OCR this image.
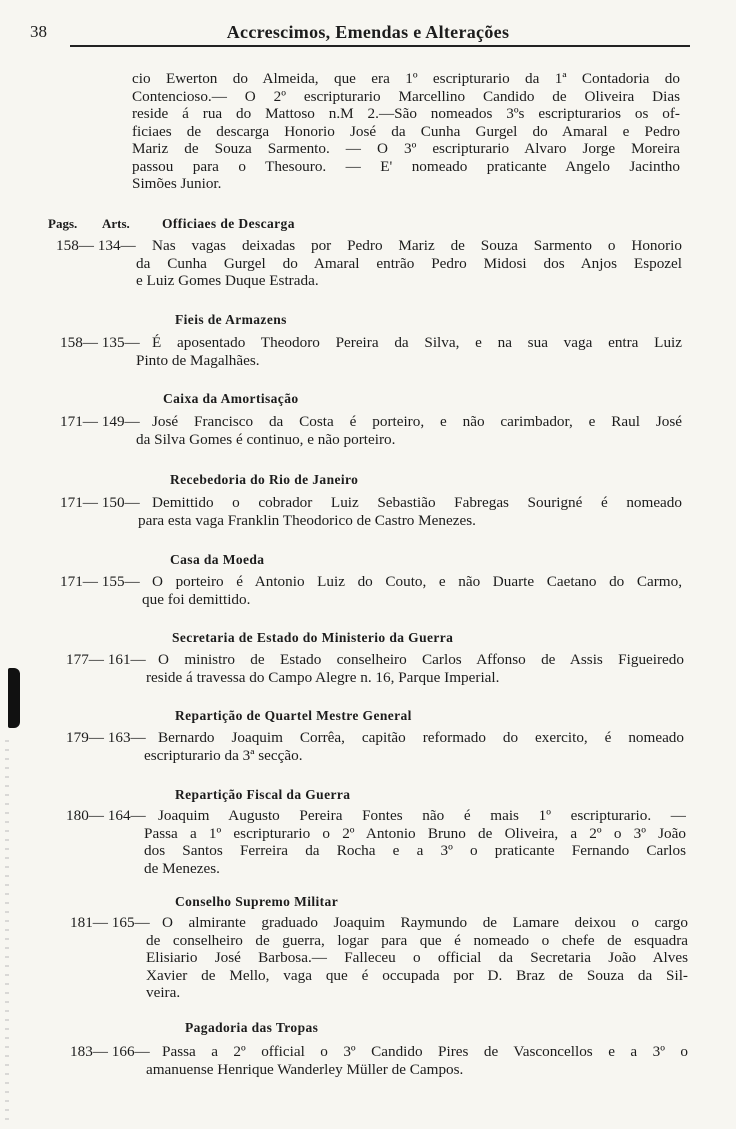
38	Accrescimos, Emendas e Alterações
cio Ewerton do Almeida, que era 1º escripturario da 1ª Contadoria do
Contencioso.— O 2º escripturario Marcellino Candido de Oliveira Dias
reside á rua do Mattoso n.M 2.—São nomeados 3ºs escripturarios os of-
ficiaes de descarga Honorio José da Cunha Gurgel do Amaral e Pedro
Mariz de Souza Sarmento. — O 3º escripturario Alvaro Jorge Moreira
passou para o Thesouro. — E' nomeado praticante Angelo Jacintho
Simões Junior.
Pags. Arts. Officiaes de Descarga
158— 134—	Nas vagas deixadas por Pedro Mariz de Souza Sarmento o Honorio
da Cunha Gurgel do Amaral entrão Pedro Midosi dos Anjos Espozel
e Luiz Gomes Duque Estrada.
Fieis de Armazens
158— 135— É aposentado Theodoro Pereira da Silva, e na sua vaga entra Luiz
Pinto de Magalhães.
Caixa da Amortisação
171— 149— José Francisco da Costa é porteiro, e não carimbador, e Raul José
da Silva Gomes é continuo, e não porteiro.
Recebedoria do Rio de Janeiro
171— 150— Demittido o cobrador Luiz Sebastião Fabregas Sourigné é nomeado
para esta vaga Franklin Theodorico de Castro Menezes.
Casa da Moeda
171— 155— O porteiro é Antonio Luiz do Couto, e não Duarte Caetano do Carmo,
que foi demittido.
Secretaria de Estado do Ministerio da Guerra
177— 161— O ministro de Estado conselheiro Carlos Affonso de Assis Figueiredo
reside á travessa do Campo Alegre n. 16, Parque Imperial.
Repartição de Quartel Mestre General
179— 163— Bernardo Joaquim Corrêa, capitão reformado do exercito, é nomeado
escripturario da 3ª secção.
Repartição Fiscal da Guerra
180— 164— Joaquim Augusto Pereira Fontes não é mais 1º escripturario. —
Passa a 1º escripturario o 2º Antonio Bruno de Oliveira, a 2º o 3º João
dos Santos Ferreira da Rocha e a 3º o praticante Fernando Carlos
de Menezes.
Conselho Supremo Militar
181— 165— O almirante graduado Joaquim Raymundo de Lamare deixou o cargo
de conselheiro de guerra, logar para que é nomeado o chefe de esquadra
Elisiario José Barbosa.— Falleceu o official da Secretaria João Alves
Xavier de Mello, vaga que é occupada por D. Braz de Souza da Sil-
veira.
Pagadoria das Tropas
183— 166— Passa a 2º official o 3º Candido Pires de Vasconcellos e a 3º o
amanuense Henrique Wanderley Müller de Campos.
